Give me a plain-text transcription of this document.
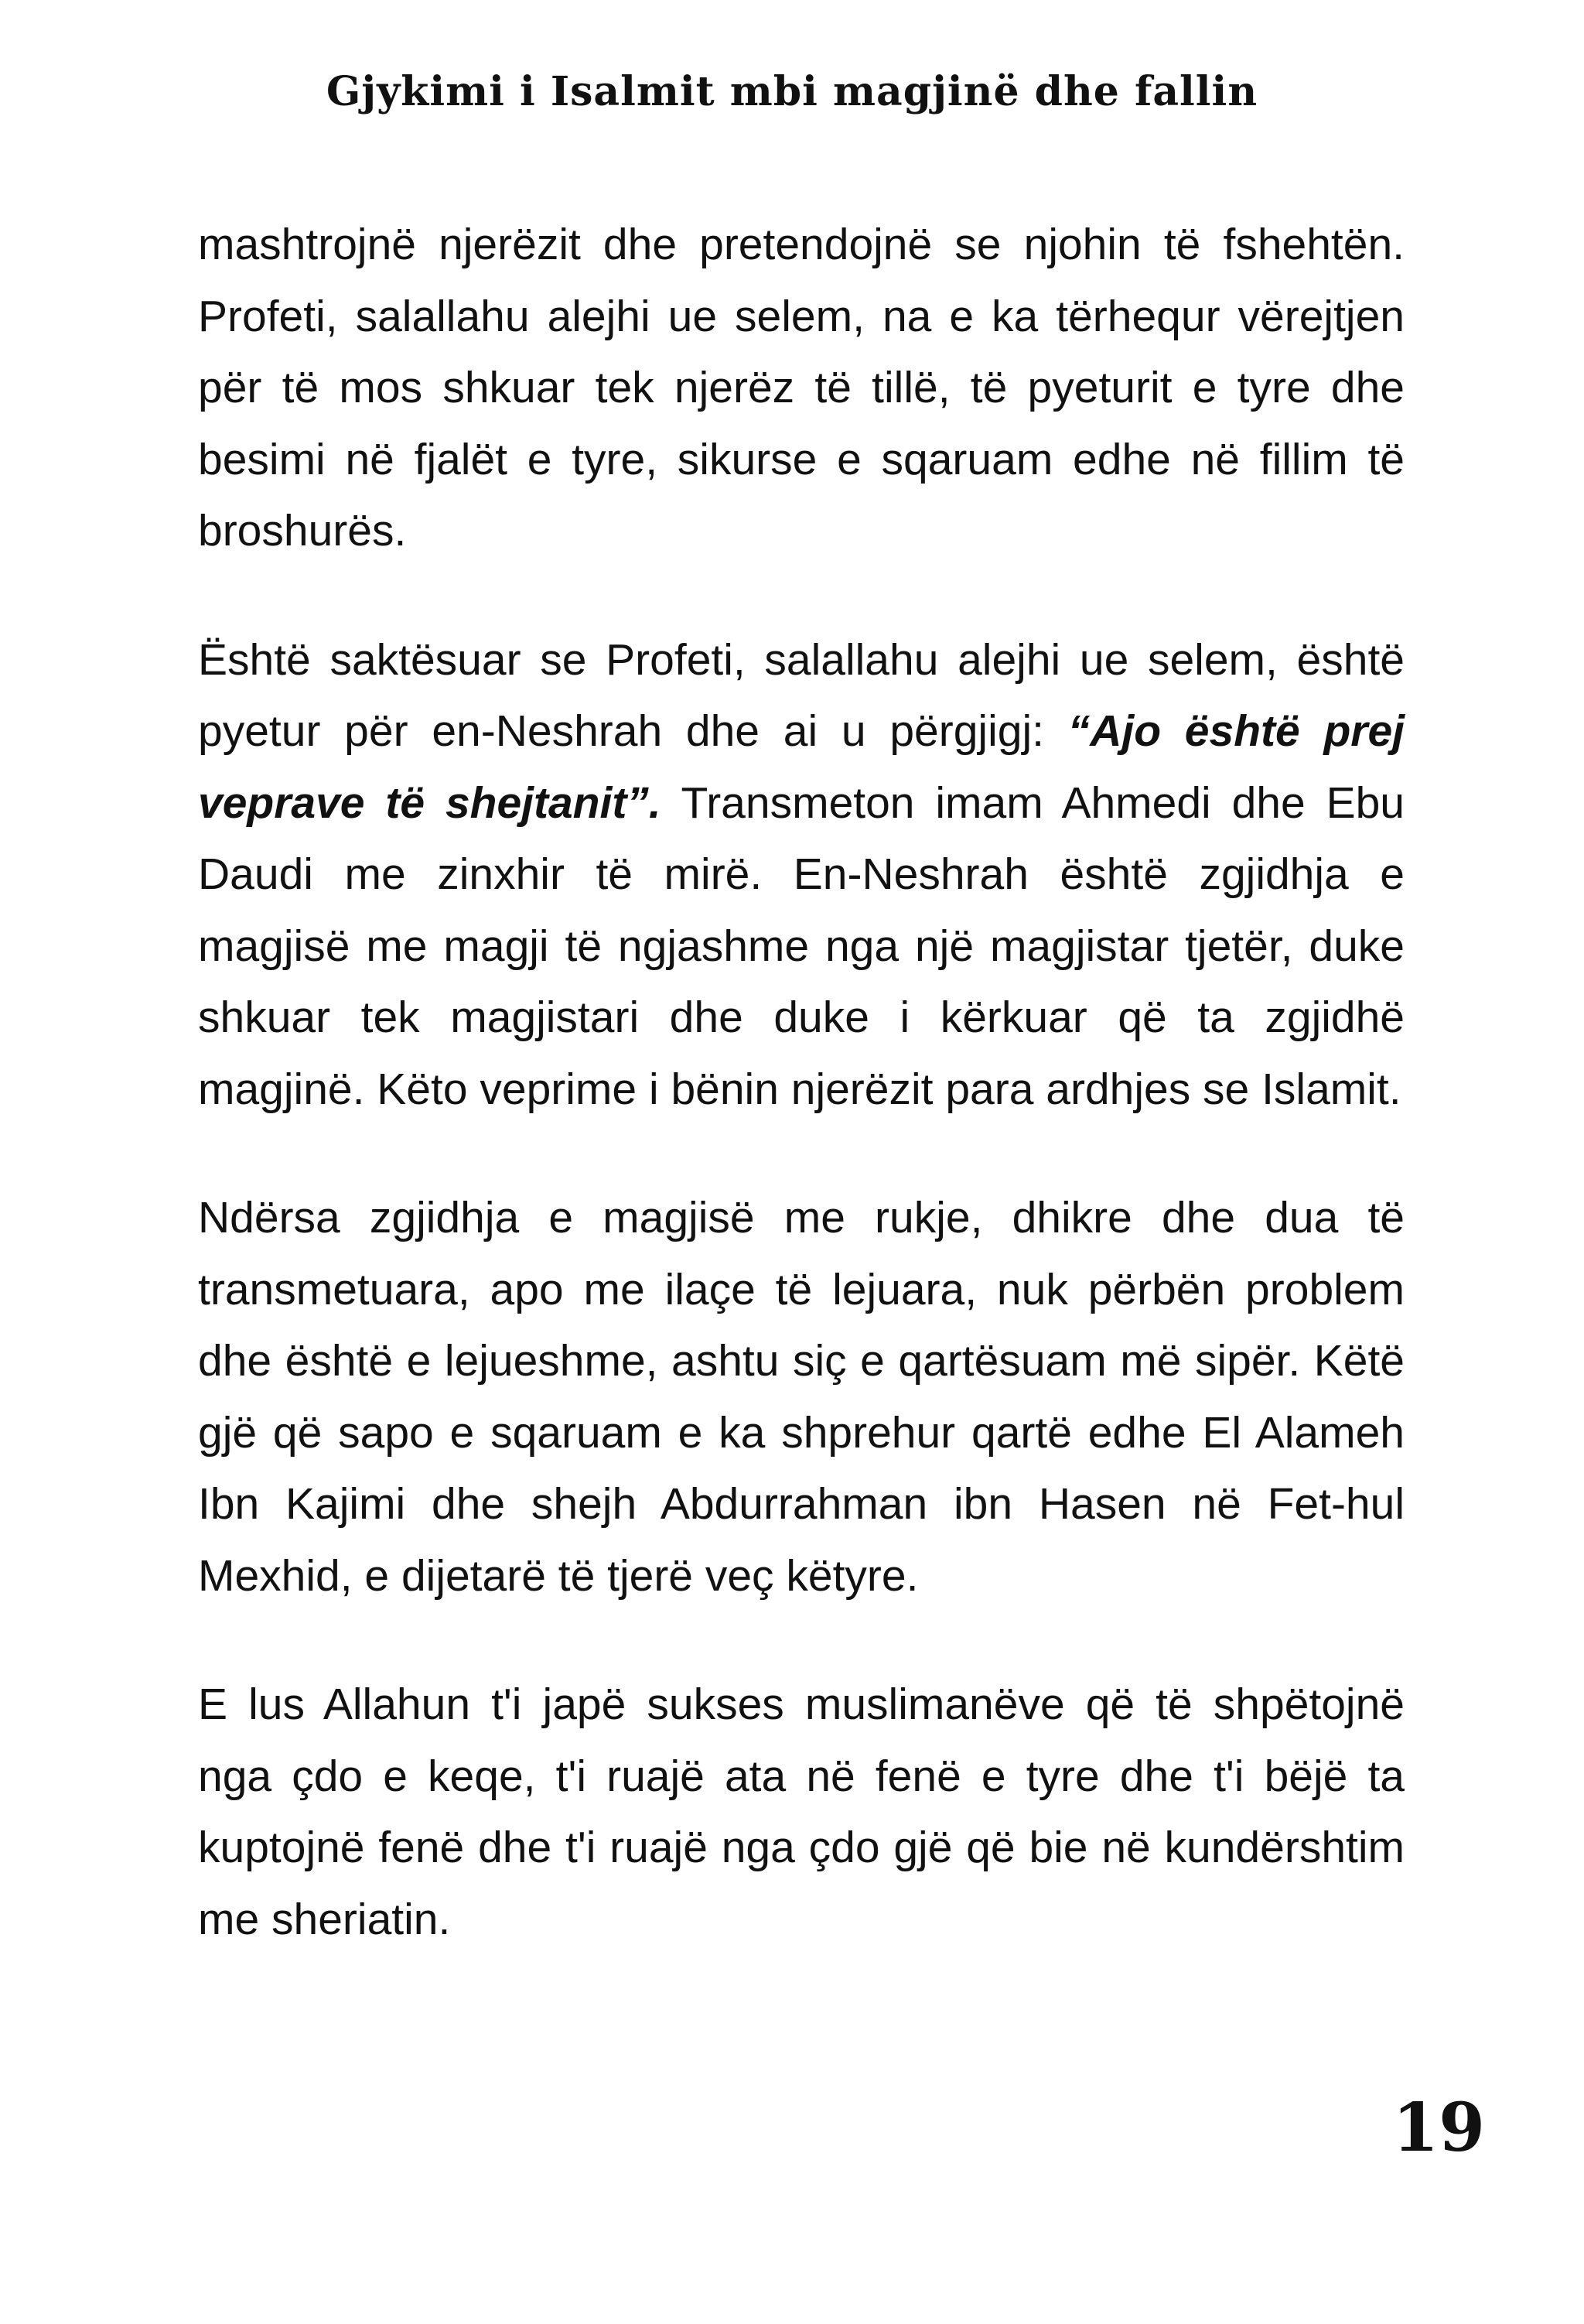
Gjykimi i Isalmit mbi magjinë dhe fallin

mashtrojnë njerëzit dhe pretendojnë se njohin të fshehtën. Profeti, salallahu alejhi ue selem, na e ka tërhequr vërejtjen për të mos shkuar tek njerëz të tillë, të pyeturit e tyre dhe besimi në fjalët e tyre, sikurse e sqaruam edhe në fillim të broshurës.

Është saktësuar se Profeti, salallahu alejhi ue selem, është pyetur për en-Neshrah dhe ai u përgjigj: “Ajo është prej veprave të shejtanit”. Transmeton imam Ahmedi dhe Ebu Daudi me zinxhir të mirë. En-Neshrah është zgjidhja e magjisë me magji të ngjashme nga një magjistar tjetër, duke shkuar tek magjistari dhe duke i kërkuar që ta zgjidhë magjinë. Këto veprime i bënin njerëzit para ardhjes se Islamit.

Ndërsa zgjidhja e magjisë me rukje, dhikre dhe dua të transmetuara, apo me ilaçe të lejuara, nuk përbën problem dhe është e lejueshme, ashtu siç e qartësuam më sipër. Këtë gjë që sapo e sqaruam e ka shprehur qartë edhe El Alameh Ibn Kajimi dhe shejh Abdurrahman ibn Hasen në Fet-hul Mexhid, e dijetarë të tjerë veç këtyre.

E lus Allahun t'i japë sukses muslimanëve që të shpëtojnë nga çdo e keqe, t'i ruajë ata në fenë e tyre dhe t'i bëjë ta kuptojnë fenë dhe t'i ruajë nga çdo gjë që bie në kundërshtim me sheriatin.

19
